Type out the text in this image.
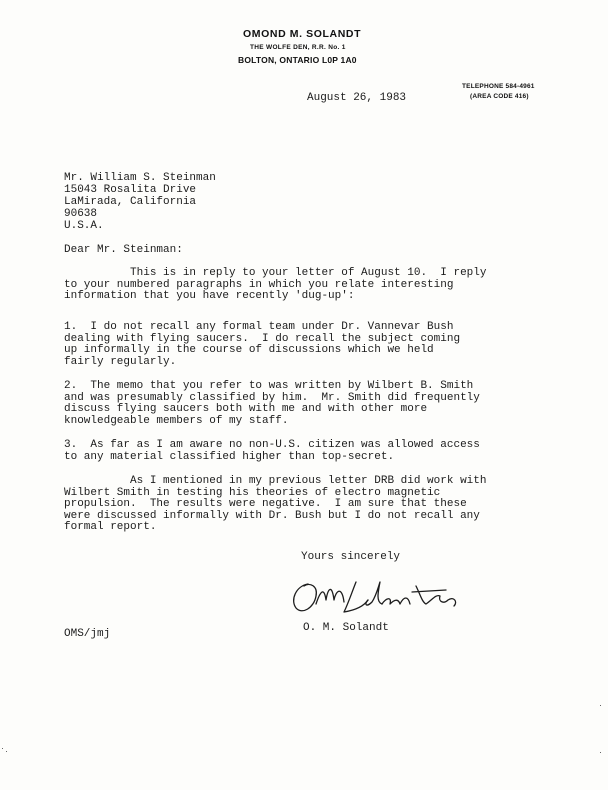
OMOND M. SOLANDT
THE WOLFE DEN, R.R. No. 1
BOLTON, ONTARIO L0P 1A0
TELEPHONE 584-4961
(AREA CODE 416)
August 26, 1983
Mr. William S. Steinman
15043 Rosalita Drive
LaMirada, California
90638
U.S.A.
Dear Mr. Steinman:
This is in reply to your letter of August 10.  I reply
to your numbered paragraphs in which you relate interesting
information that you have recently 'dug-up':
1.  I do not recall any formal team under Dr. Vannevar Bush
dealing with flying saucers.  I do recall the subject coming
up informally in the course of discussions which we held
fairly regularly.
2.  The memo that you refer to was written by Wilbert B. Smith
and was presumably classified by him.  Mr. Smith did frequently
discuss flying saucers both with me and with other more
knowledgeable members of my staff.
3.  As far as I am aware no non-U.S. citizen was allowed access
to any material classified higher than top-secret.
As I mentioned in my previous letter DRB did work with
Wilbert Smith in testing his theories of electro magnetic
propulsion.  The results were negative.  I am sure that these
were discussed informally with Dr. Bush but I do not recall any
formal report.
Yours sincerely
O. M. Solandt
OMS/jmj
